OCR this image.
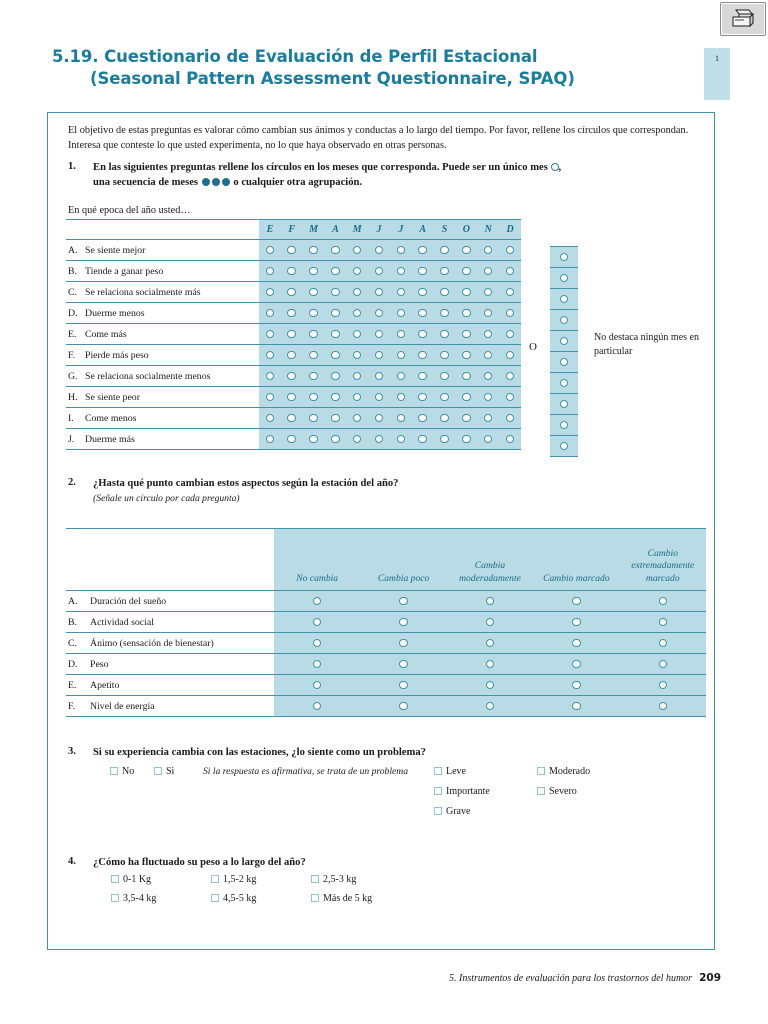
1
5.19. Cuestionario de Evaluación de Perfil Estacional
(Seasonal Pattern Assessment Questionnaire, SPAQ)
El objetivo de estas preguntas es valorar cómo cambian sus ánimos y conductas a lo largo del tiempo. Por favor, rellene los círculos que correspondan. Interesa que conteste lo que usted experimenta, no lo que haya observado en otras personas.
1. En las siguientes preguntas rellene los círculos en los meses que corresponda. Puede ser un único mes ,
una secuencia de meses	o cualquier otra agrupación.
En qué epoca del año usted…
	E	F	M	A	M	J	J	A	S	O	N	D

A. Se siente mejor												

B. Tiende a ganar peso												

C. Se relaciona socialmente más												

D. Duerme menos												

E. Come más												

F. Pierde más peso												

G. Se relaciona socialmente menos												

H. Se siente peor												

I. Come menos												

J. Duerme más												

O

No destaca ningún mes en particular
2. ¿Hasta qué punto cambian estos aspectos según la estación del año?
(Señale un círculo por cada pregunta)
	No cambia	Cambia poco	Cambia moderadamente	Cambio marcado	Cambio extremadamente marcado

A. Duración del sueño					

B. Actividad social					

C. Ánimo (sensación de bienestar)					

D. Peso					

E. Apetito					

F. Nivel de energía					

3. Si su experiencia cambia con las estaciones, ¿lo siente como un problema?
No	Si	Si la respuesta es afirmativa, se trata de un problema	Leve	Moderado
Importante	Severo
Grave
4. ¿Cómo ha fluctuado su peso a lo largo del año?
0-1 Kg	1,5-2 kg	2,5-3 kg
3,5-4 kg	4,5-5 kg	Más de 5 kg
5. Instrumentos de evaluación para los trastornos del humor 209
